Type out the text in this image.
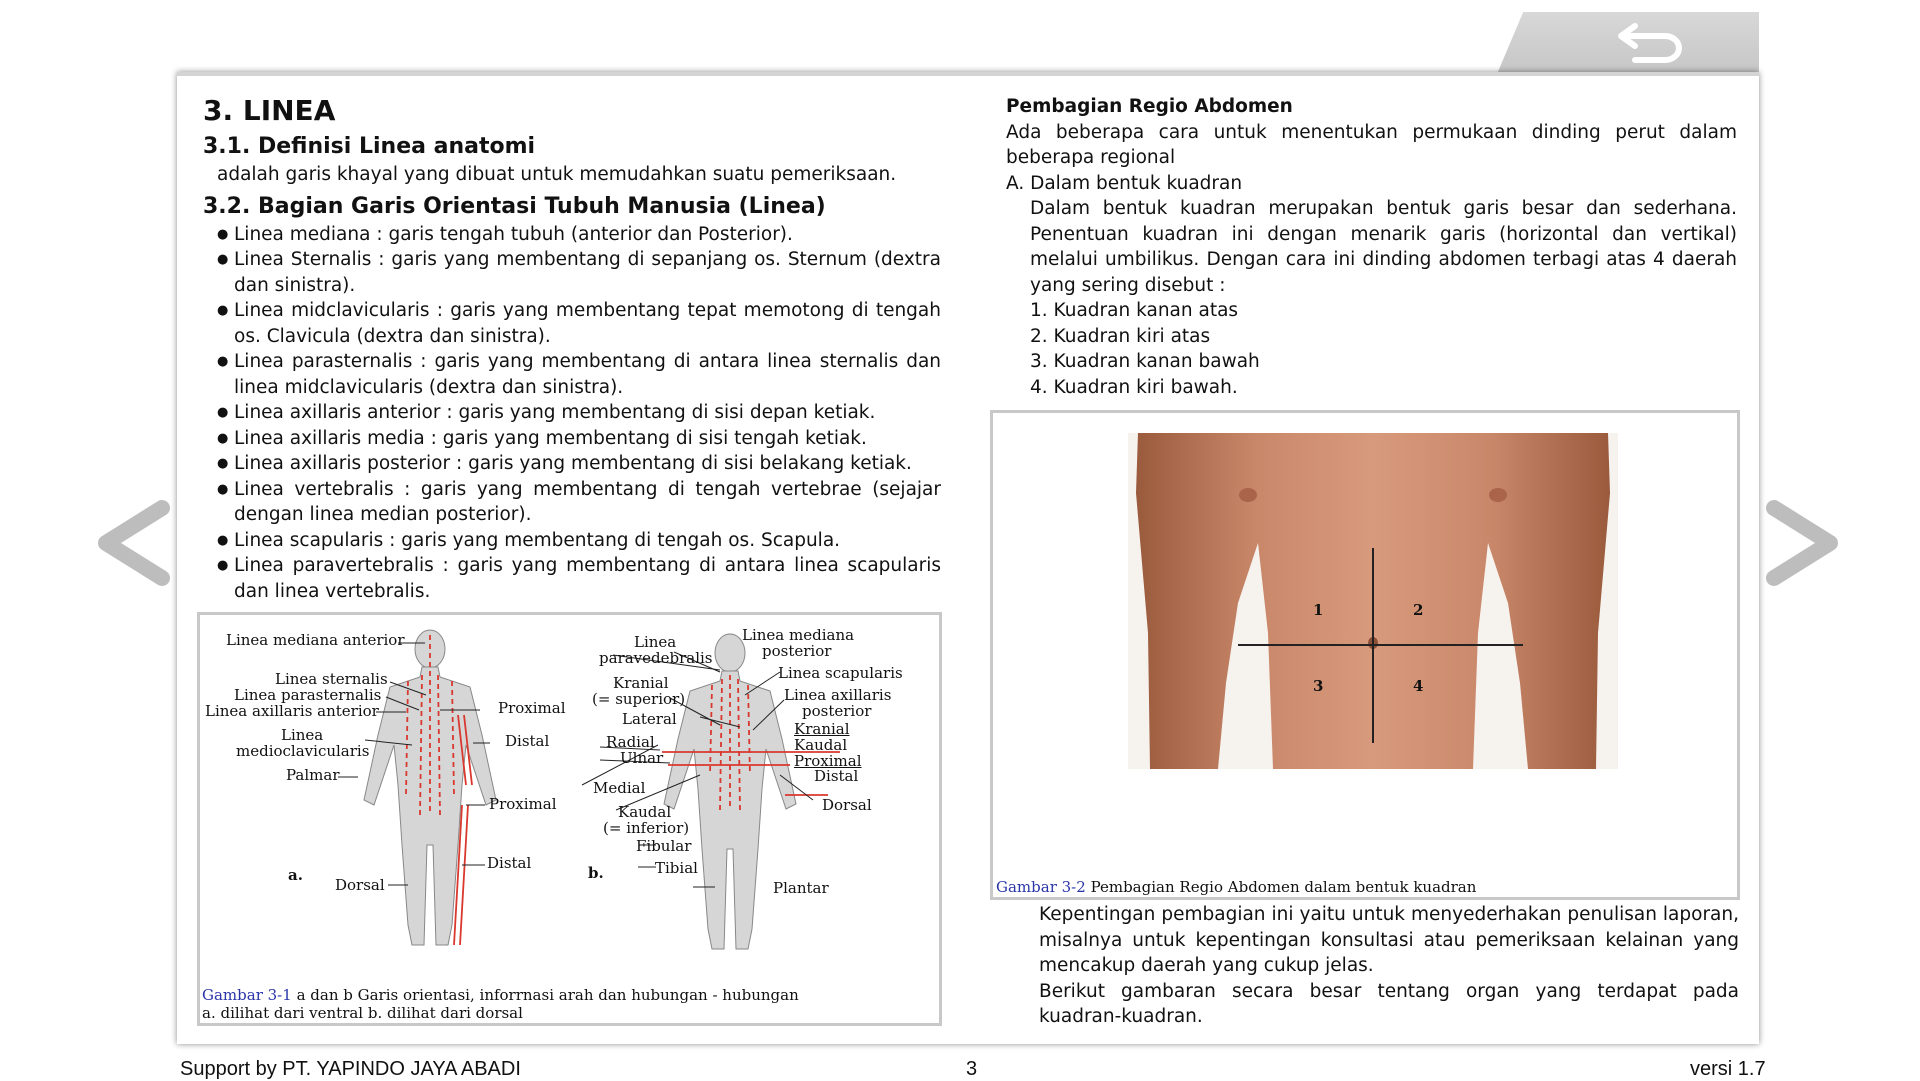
3. LINEA
3.1. Definisi Linea anatomi
adalah garis khayal yang dibuat untuk memudahkan suatu pemeriksaan.
3.2. Bagian Garis Orientasi Tubuh Manusia (Linea)
● Linea mediana : garis tengah tubuh (anterior dan Posterior).
● Linea Sternalis : garis yang membentang di sepanjang os. Sternum (dextra dan sinistra).
● Linea midclavicularis : garis yang membentang tepat memotong di tengah os. Clavicula (dextra dan sinistra).
● Linea parasternalis : garis yang membentang di antara linea sternalis dan linea midclavicularis (dextra dan sinistra).
● Linea axillaris anterior : garis yang membentang di sisi depan ketiak.
● Linea axillaris media : garis yang membentang di sisi tengah ketiak.
● Linea axillaris posterior : garis yang membentang di sisi belakang ketiak.
● Linea vertebralis : garis yang membentang di tengah vertebrae (sejajar dengan linea median posterior).
● Linea scapularis : garis yang membentang di tengah os. Scapula.
● Linea paravertebralis : garis yang membentang di antara linea scapularis dan linea vertebralis.
Linea mediana anterior
Linea sternalis
Linea parasternalis
Linea axillaris anterior
Linea
medioclavicularis
Palmar
Proximal
Distal
Proximal
Distal
Dorsal
a.	b.
Linea
paravedebralis
Linea mediana
posterior
Linea scapularis
Kranial
(= superior)	Linea axillaris
posterior
Lateral
Radial
Ulnar
Kranial
Kaudal
Proximal
Distal
Medial
Kaudal
(= inferior)
Dorsal
Fibular
Tibial
Plantar
Gambar 3-1 a dan b Garis orientasi, inforrnasi arah dan hubungan - hubungan
a. dilihat dari ventral b. dilihat dari dorsal
Pembagian Regio Abdomen
Ada beberapa cara untuk menentukan permukaan dinding perut dalam beberapa regional
A. Dalam bentuk kuadran
Dalam bentuk kuadran merupakan bentuk garis besar dan sederhana. Penentuan kuadran ini dengan menarik garis (horizontal dan vertikal) melalui umbilikus. Dengan cara ini dinding abdomen terbagi atas 4 daerah yang sering disebut :
1. Kuadran kanan atas
2. Kuadran kiri atas
3. Kuadran kanan bawah
4. Kuadran kiri bawah.
1	2
3	4
Gambar 3-2 Pembagian Regio Abdomen dalam bentuk kuadran
Kepentingan pembagian ini yaitu untuk menyederhakan penulisan laporan, misalnya untuk kepentingan konsultasi atau pemeriksaan kelainan yang mencakup daerah yang cukup jelas.
Berikut gambaran secara besar tentang organ yang terdapat pada kuadran-kuadran.
Support by PT. YAPINDO JAYA ABADI	3	versi 1.7
